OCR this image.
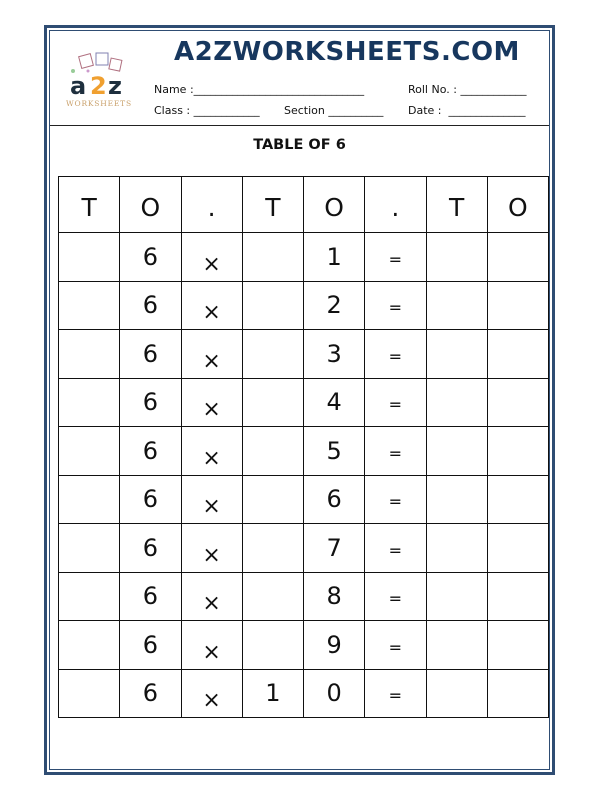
a 2 z
WORKSHEETS
A2ZWORKSHEETS.COM
Name :_______________________________	Roll No. : ____________
Class : ____________ Section __________ Date :  ______________
TABLE OF 6
T	O	.	T	O	.	T	O
	6	×		1	=		
	6	×		2	=		
	6	×		3	=		
	6	×		4	=		
	6	×		5	=		
	6	×		6	=		
	6	×		7	=		
	6	×		8	=		
	6	×		9	=		
	6	×	1	0	=		
